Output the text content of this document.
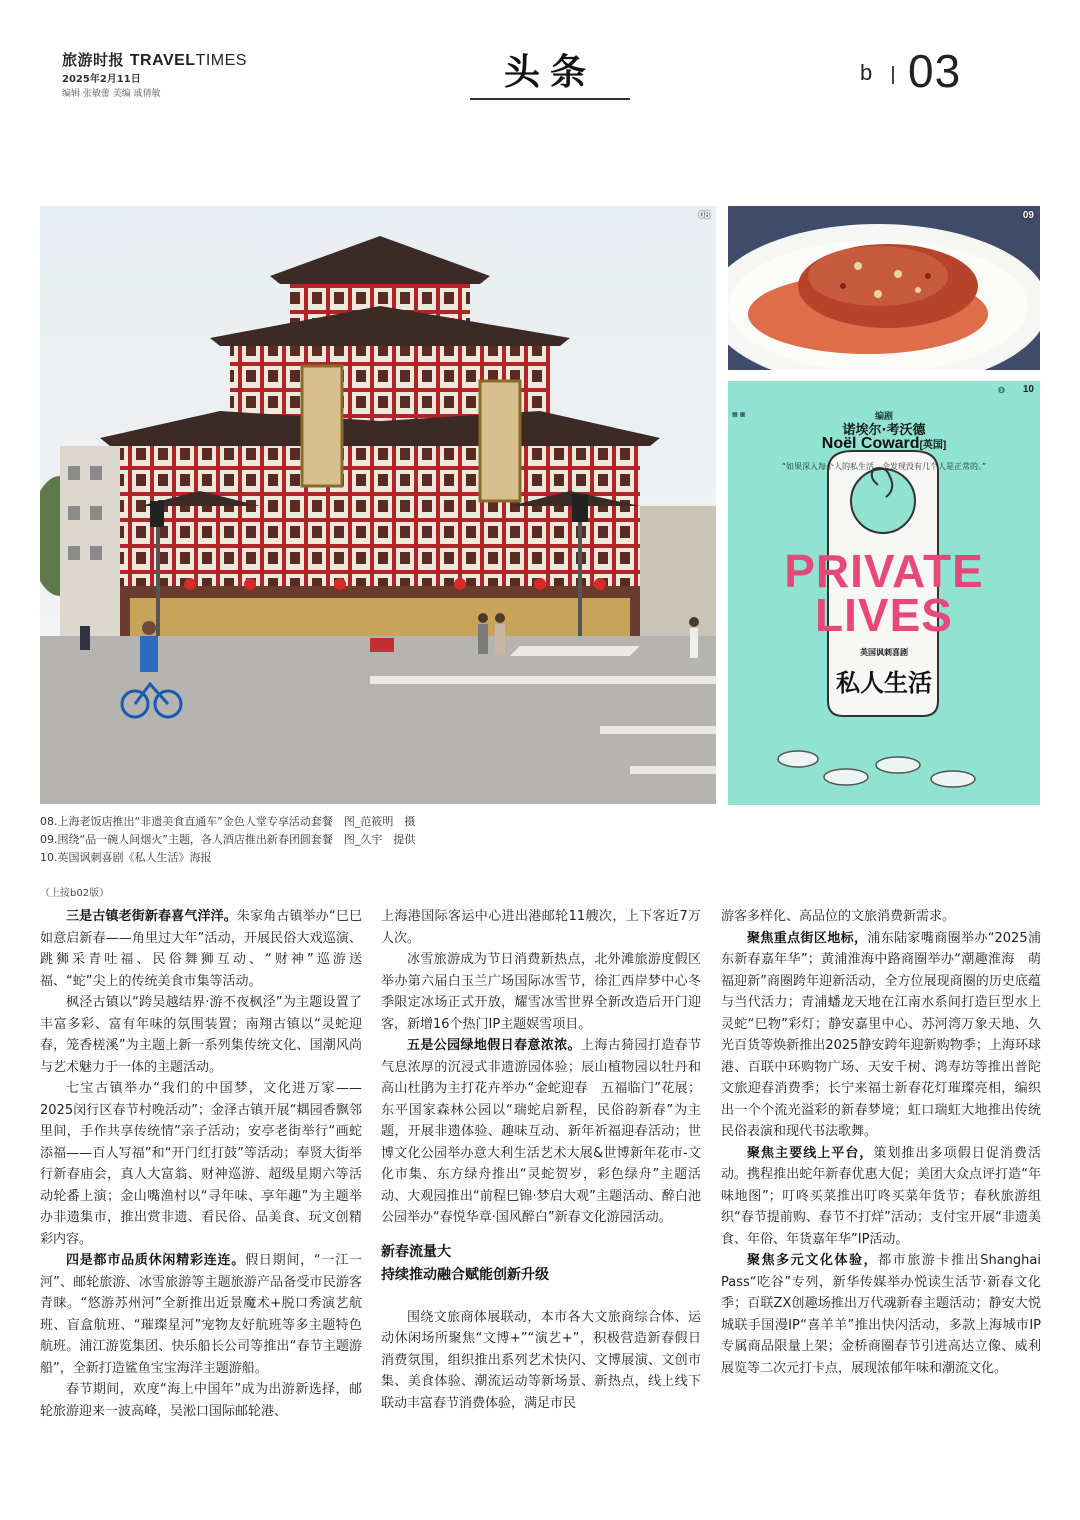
旅游时报 TRAVELTIMES
2025年2月11日
编辑 张敏蕾 美编 戚倩敏
头条	b 03
08	09
▦ ▦
◍
编剧
诺埃尔·考沃德
Noël Coward[英国]
“如果深入每个人的私生活，会发现没有几个人是正常的。”
PRIVATE
LIVES
英国讽刺喜剧
私人生活
10
08.上海老饭店推出“非遗美食直通车”金色人堂专享活动套餐　图_范筱明　摄
09.围绕“品一碗人间烟火”主题，各人酒店推出新春团圆套餐　图_久宇　提供
10.英国讽刺喜剧《私人生活》海报
（上接b02版）

三是古镇老街新春喜气洋洋。朱家角古镇举办“巳巳如意启新春——角里过大年”活动，开展民俗大戏巡演、跳狮采青吐福、民俗舞狮互动、“财神”巡游送福、“蛇”尖上的传统美食市集等活动。

枫泾古镇以“跨吴越结界·游不夜枫泾”为主题设置了丰富多彩、富有年味的氛围装置；南翔古镇以“灵蛇迎春，笼香槎溪”为主题上新一系列集传统文化、国潮风尚与艺术魅力于一体的主题活动。

七宝古镇举办“我们的中国梦，文化进万家——2025闵行区春节村晚活动”；金泽古镇开展“耦园香飘邻里间，手作共享传统情”亲子活动；安亭老街举行“画蛇添福——百人写福”和“开门红打鼓”等活动；奉贤大街举行新春庙会，真人大富翁、财神巡游、超级星期六等活动轮番上演；金山嘴渔村以“寻年味、享年趣”为主题举办非遗集市，推出赏非遗、看民俗、品美食、玩文创精彩内容。

四是都市品质休闲精彩连连。假日期间，“一江一河”、邮轮旅游、冰雪旅游等主题旅游产品备受市民游客青睐。“悠游苏州河”全新推出近景魔术+脱口秀演艺航班、盲盒航班、“璀璨星河”宠物友好航班等多主题特色航班。浦江游览集团、快乐船长公司等推出“春节主题游船”，全新打造鲨鱼宝宝海洋主题游船。

春节期间，欢度“海上中国年”成为出游新选择，邮轮旅游迎来一波高峰，吴淞口国际邮轮港、

上海港国际客运中心进出港邮轮11艘次，上下客近7万人次。

冰雪旅游成为节日消费新热点，北外滩旅游度假区举办第六届白玉兰广场国际冰雪节，徐汇西岸梦中心冬季限定冰场正式开放，耀雪冰雪世界全新改造后开门迎客，新增16个热门IP主题娱雪项目。

五是公园绿地假日春意浓浓。上海古猗园打造春节气息浓厚的沉浸式非遗游园体验；辰山植物园以牡丹和高山杜鹃为主打花卉举办“金蛇迎春　五福临门”花展；东平国家森林公园以“瑞蛇启新程，民俗韵新春”为主题，开展非遗体验、趣味互动、新年祈福迎春活动；世博文化公园举办意大利生活艺术大展&世博新年花市-文化市集、东方绿舟推出“灵蛇贺岁，彩色绿舟”主题活动、大观园推出“前程巳锦·梦启大观”主题活动、醉白池公园举办“春悦华章·国风醉白”新春文化游园活动。

新春流量大
持续推动融合赋能创新升级

围绕文旅商体展联动，本市各大文旅商综合体、运动休闲场所聚焦“文博+”“演艺+”，积极营造新春假日消费氛围，组织推出系列艺术快闪、文博展演、文创市集、美食体验、潮流运动等新场景、新热点，线上线下联动丰富春节消费体验，满足市民

游客多样化、高品位的文旅消费新需求。

聚焦重点街区地标，浦东陆家嘴商圈举办“2025浦东新春嘉年华”；黄浦淮海中路商圈举办“潮趣淮海　萌福迎新”商圈跨年迎新活动，全方位展现商圈的历史底蕴与当代活力；青浦蟠龙天地在江南水系间打造巨型水上灵蛇“巳物”彩灯；静安嘉里中心、苏河湾万象天地、久光百货等焕新推出2025静安跨年迎新购物季；上海环球港、百联中环购物广场、天安千树、鸿寿坊等推出普陀文旅迎春消费季；长宁来福士新春花灯璀璨亮相，编织出一个个流光溢彩的新春梦境；虹口瑞虹大地推出传统民俗表演和现代书法歌舞。

聚焦主要线上平台，策划推出多项假日促消费活动。携程推出蛇年新春优惠大促；美团大众点评打造“年味地图”；叮咚买菜推出叮咚买菜年货节；春秋旅游组织“春节提前购、春节不打烊”活动；支付宝开展“非遗美食、年俗、年货嘉年华”IP活动。

聚焦多元文化体验，都市旅游卡推出Shanghai Pass“吃谷”专列，新华传媒举办悦读生活节·新春文化季；百联ZX创趣场推出万代魂新春主题活动；静安大悦城联手国漫IP“喜羊羊”推出快闪活动，多款上海城市IP专属商品限量上架；金桥商圈春节引进高达立像、威利展览等二次元打卡点，展现浓郁年味和潮流文化。
